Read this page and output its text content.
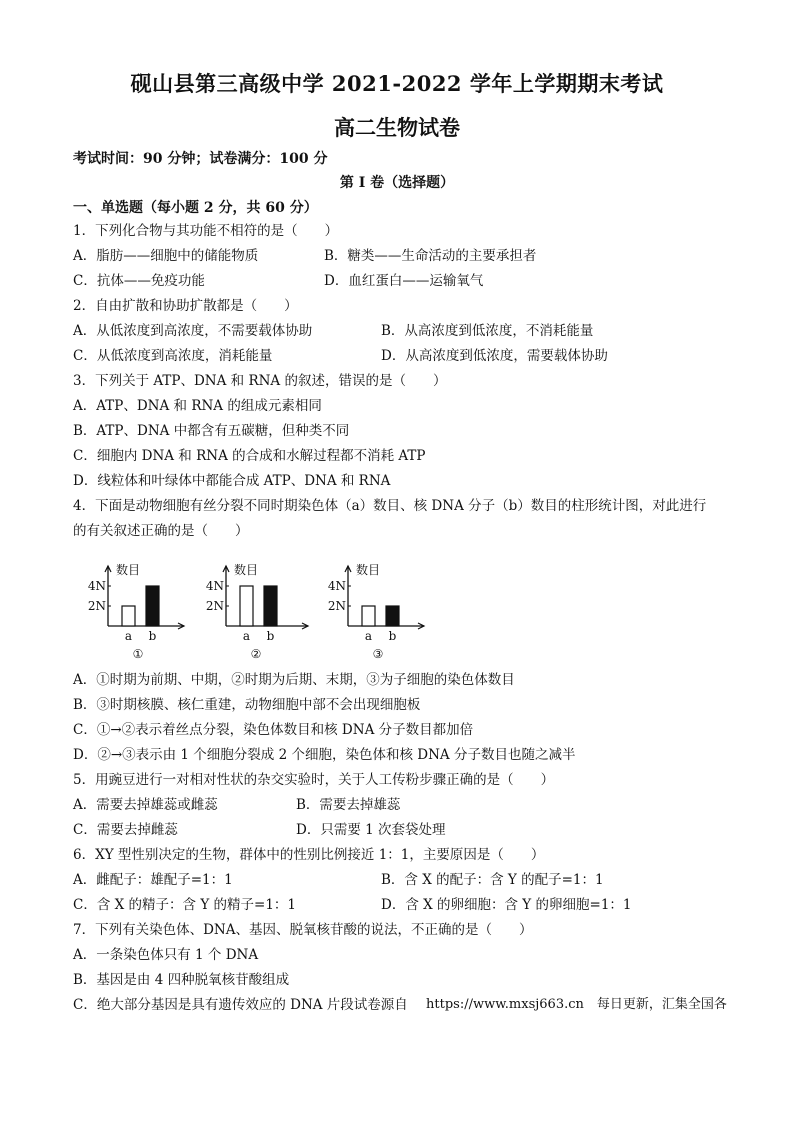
砚山县第三高级中学 2021-2022 学年上学期期末考试
高二生物试卷
考试时间：90 分钟；试卷满分：100 分
第 I 卷（选择题）
一、单选题（每小题 2 分，共 60 分）
1．下列化合物与其功能不相符的是（　　）
A．脂肪——细胞中的储能物质	B．糖类——生命活动的主要承担者
C．抗体——免疫功能	D．血红蛋白——运输氧气
2．自由扩散和协助扩散都是（　　）
A．从低浓度到高浓度，不需要载体协助	B．从高浓度到低浓度，不消耗能量
C．从低浓度到高浓度，消耗能量	D．从高浓度到低浓度，需要载体协助
3．下列关于 ATP、DNA 和 RNA 的叙述，错误的是（　　）
A．ATP、DNA 和 RNA 的组成元素相同
B．ATP、DNA 中都含有五碳糖，但种类不同
C．细胞内 DNA 和 RNA 的合成和水解过程都不消耗 ATP
D．线粒体和叶绿体中都能合成 ATP、DNA 和 RNA
4．下面是动物细胞有丝分裂不同时期染色体（a）数目、核 DNA 分子（b）数目的柱形统计图，对此进行
的有关叙述正确的是（　　）
数目
4N
2N
a b
①
数目
4N
2N
a b
②
数目
4N
2N
a b
③
A．①时期为前期、中期，②时期为后期、末期，③为子细胞的染色体数目
B．③时期核膜、核仁重建，动物细胞中部不会出现细胞板
C．①→②表示着丝点分裂，染色体数目和核 DNA 分子数目都加倍
D．②→③表示由 1 个细胞分裂成 2 个细胞，染色体和核 DNA 分子数目也随之减半
5．用豌豆进行一对相对性状的杂交实验时，关于人工传粉步骤正确的是（　　）
A．需要去掉雄蕊或雌蕊	B．需要去掉雄蕊
C．需要去掉雌蕊	D．只需要 1 次套袋处理
6．XY 型性别决定的生物，群体中的性别比例接近 1：1，主要原因是（　　）
A．雌配子：雄配子=1：1	B．含 X 的配子：含 Y 的配子=1：1
C．含 X 的精子：含 Y 的精子=1：1	D．含 X 的卵细胞：含 Y 的卵细胞=1：1
7．下列有关染色体、DNA、基因、脱氧核苷酸的说法，不正确的是（　　）
A．一条染色体只有 1 个 DNA
B．基因是由 4 四种脱氧核苷酸组成
C．绝大部分基因是具有遗传效应的 DNA 片段试卷源自 https://www.mxsj663.cn　每日更新，汇集全国各
